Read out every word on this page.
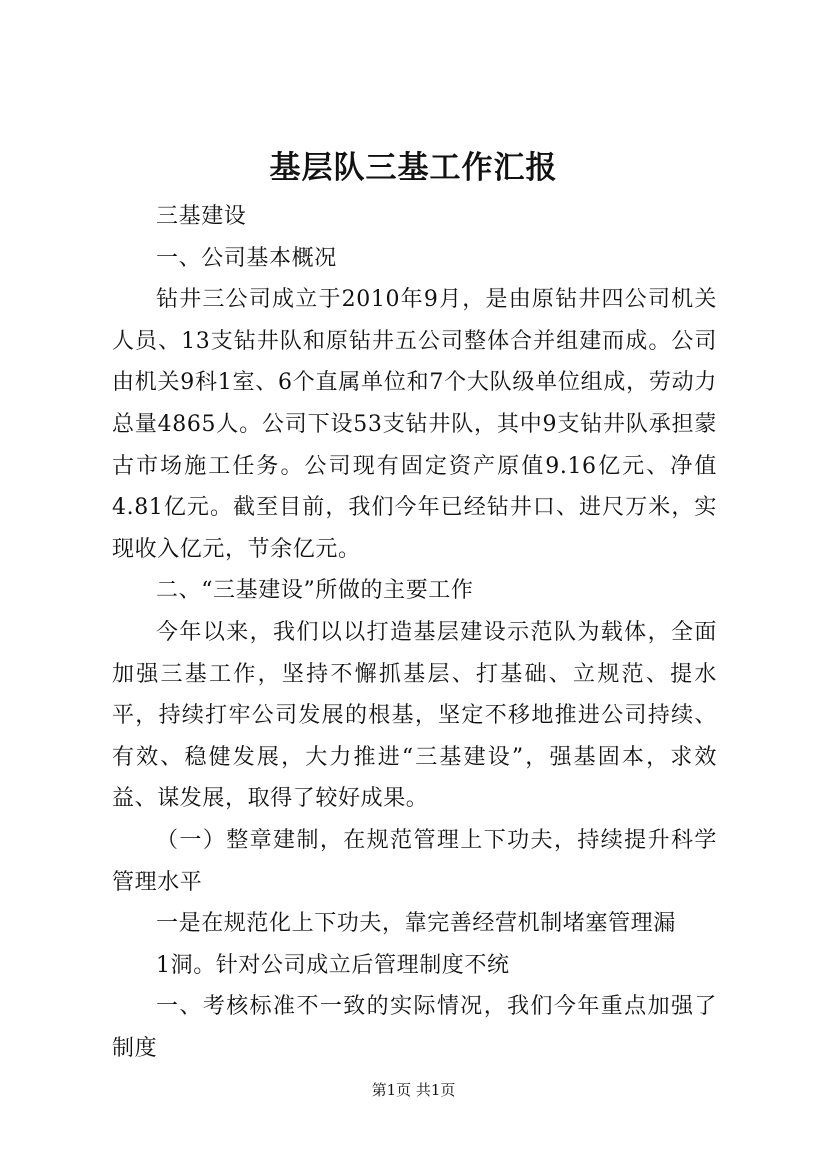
基层队三基工作汇报

三基建设

一、公司基本概况

钻井三公司成立于2010年9月，是由原钻井四公司机关人员、13支钻井队和原钻井五公司整体合并组建而成。公司由机关9科1室、6个直属单位和7个大队级单位组成，劳动力总量4865人。公司下设53支钻井队，其中9支钻井队承担蒙古市场施工任务。公司现有固定资产原值9.16亿元、净值4.81亿元。截至目前，我们今年已经钻井口、进尺万米，实现收入亿元，节余亿元。

二、“三基建设”所做的主要工作

今年以来，我们以以打造基层建设示范队为载体，全面加强三基工作，坚持不懈抓基层、打基础、立规范、提水平，持续打牢公司发展的根基，坚定不移地推进公司持续、有效、稳健发展，大力推进“三基建设”，强基固本，求效益、谋发展，取得了较好成果。

（一）整章建制，在规范管理上下功夫，持续提升科学管理水平

一是在规范化上下功夫，靠完善经营机制堵塞管理漏

1洞。针对公司成立后管理制度不统

一、考核标准不一致的实际情况，我们今年重点加强了制度

第1页 共1页
